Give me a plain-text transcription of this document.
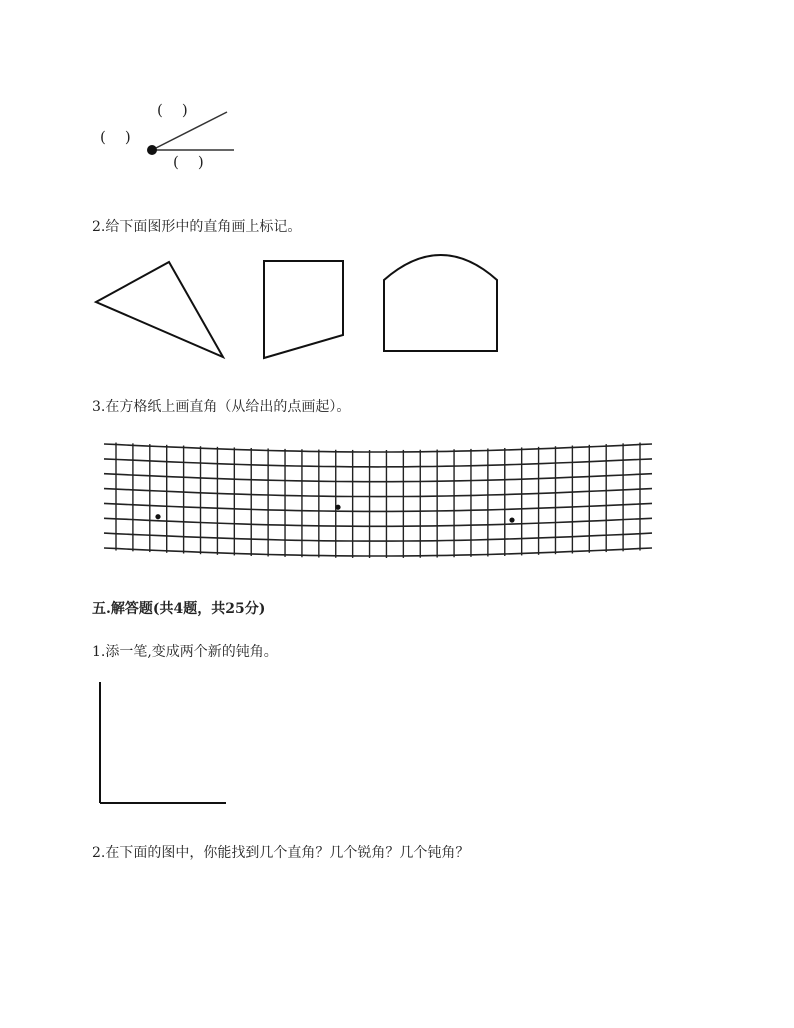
(    )
(    )
(    )
2.给下面图形中的直角画上标记。
3.在方格纸上画直角（从给出的点画起）。
五.解答题(共4题，共25分)
1.添一笔,变成两个新的钝角。
2.在下面的图中，你能找到几个直角？几个锐角？几个钝角？
